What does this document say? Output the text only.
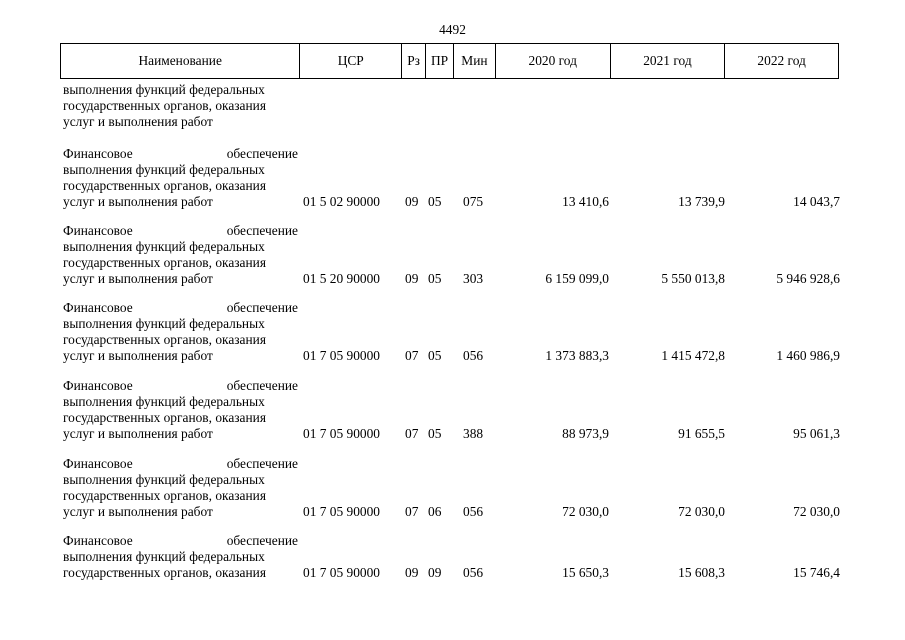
4492
Наименование	ЦСР	Рз ПР Мин	2020 год	2021 год	2022 год
выполнения функций федеральных
государственных органов, оказания
услуг и выполнения работ
Финансовое	обеспечение
выполнения функций федеральных
государственных органов, оказания
услуг и выполнения работ	01 5 02 90000 09 05 075	13 410,6	13 739,9	14 043,7
Финансовое	обеспечение
выполнения функций федеральных
государственных органов, оказания
услуг и выполнения работ	01 5 20 90000 09 05 303	6 159 099,0	5 550 013,8	5 946 928,6
Финансовое	обеспечение
выполнения функций федеральных
государственных органов, оказания
услуг и выполнения работ	01 7 05 90000 07 05 056	1 373 883,3	1 415 472,8	1 460 986,9
Финансовое	обеспечение
выполнения функций федеральных
государственных органов, оказания
услуг и выполнения работ	01 7 05 90000 07 05 388	88 973,9	91 655,5	95 061,3
Финансовое	обеспечение
выполнения функций федеральных
государственных органов, оказания
услуг и выполнения работ	01 7 05 90000 07 06 056	72 030,0	72 030,0	72 030,0
Финансовое	обеспечение
выполнения функций федеральных
государственных органов, оказания	01 7 05 90000 09 09 056	15 650,3	15 608,3	15 746,4
